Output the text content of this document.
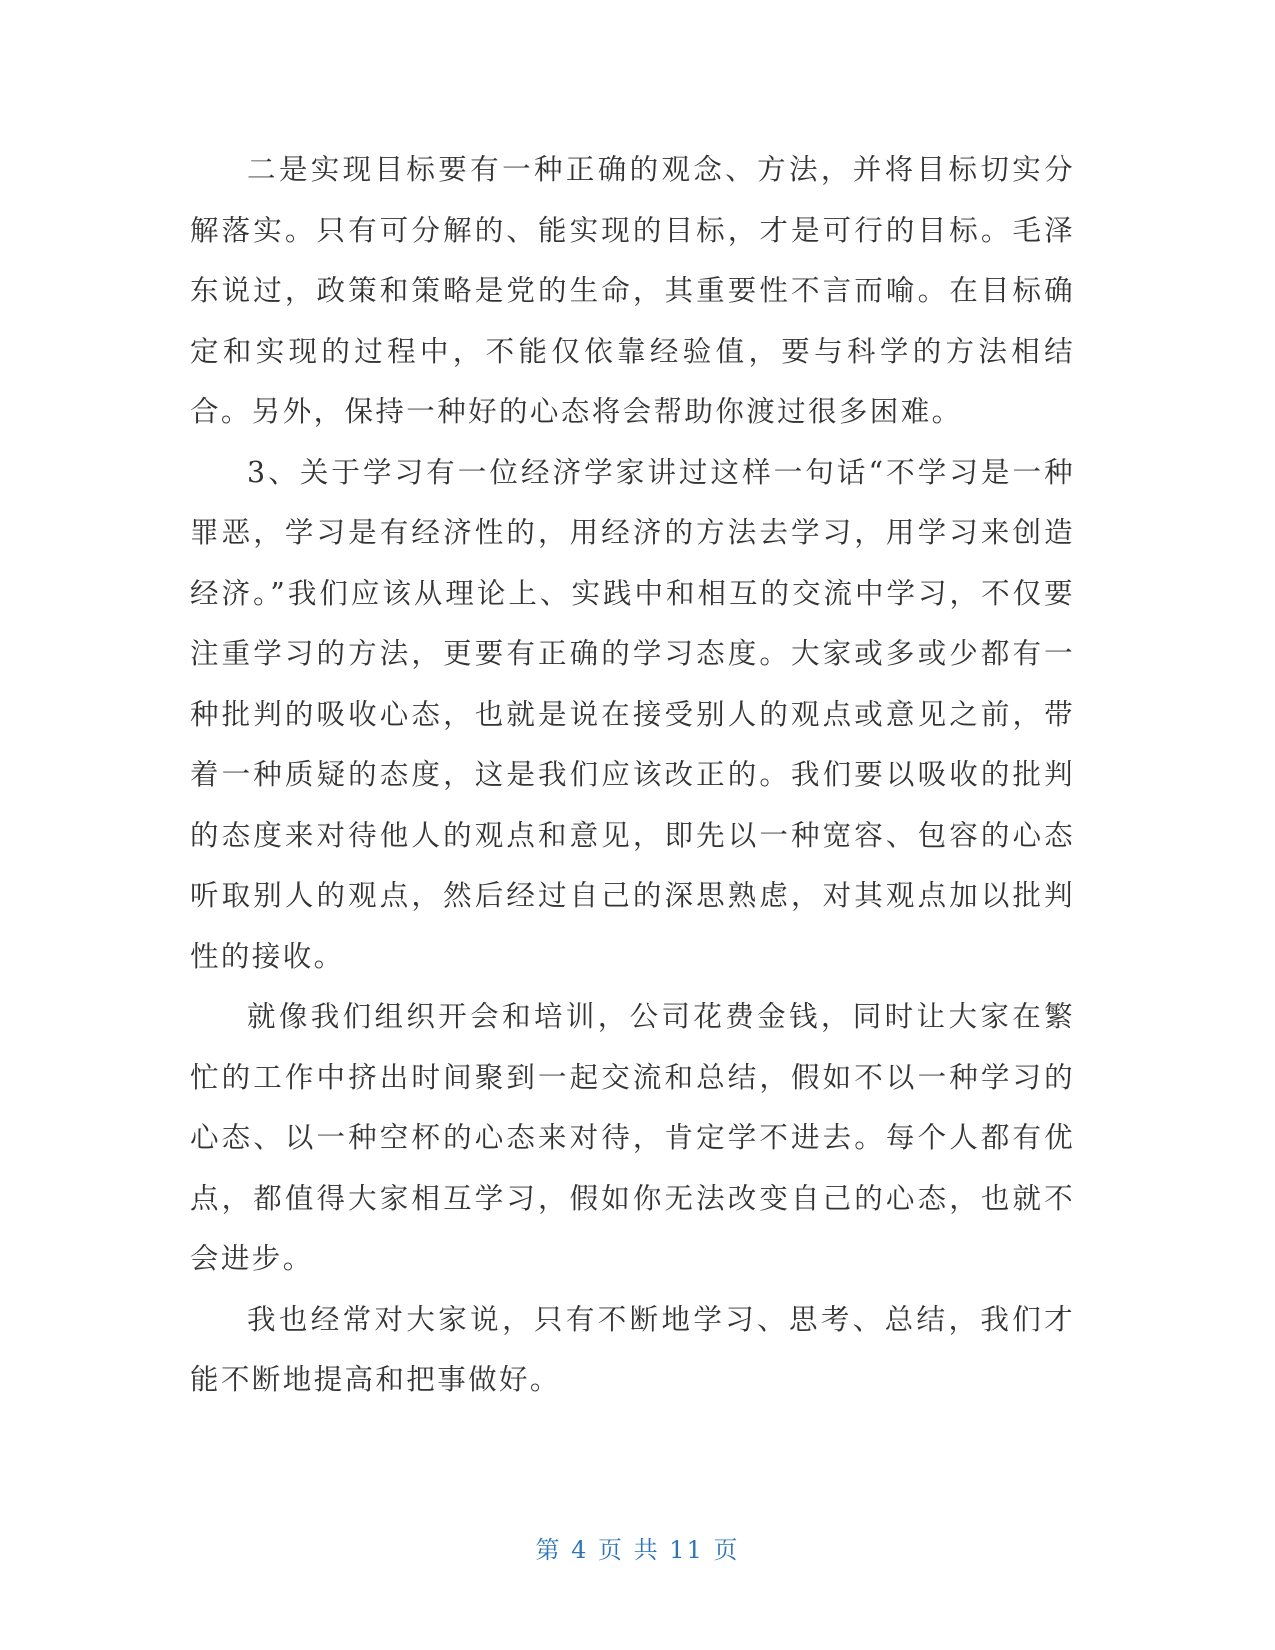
二是实现目标要有一种正确的观念、方法，并将目标切实分解落实。只有可分解的、能实现的目标，才是可行的目标。毛泽东说过，政策和策略是党的生命，其重要性不言而喻。在目标确定和实现的过程中，不能仅依靠经验值，要与科学的方法相结合。另外，保持一种好的心态将会帮助你渡过很多困难。

3、关于学习有一位经济学家讲过这样一句话“不学习是一种罪恶，学习是有经济性的，用经济的方法去学习，用学习来创造经济。”我们应该从理论上、实践中和相互的交流中学习，不仅要注重学习的方法，更要有正确的学习态度。大家或多或少都有一种批判的吸收心态，也就是说在接受别人的观点或意见之前，带着一种质疑的态度，这是我们应该改正的。我们要以吸收的批判的态度来对待他人的观点和意见，即先以一种宽容、包容的心态听取别人的观点，然后经过自己的深思熟虑，对其观点加以批判性的接收。

就像我们组织开会和培训，公司花费金钱，同时让大家在繁忙的工作中挤出时间聚到一起交流和总结，假如不以一种学习的心态、以一种空杯的心态来对待，肯定学不进去。每个人都有优点，都值得大家相互学习，假如你无法改变自己的心态，也就不会进步。

我也经常对大家说，只有不断地学习、思考、总结，我们才能不断地提高和把事做好。

第 4 页 共 11 页
